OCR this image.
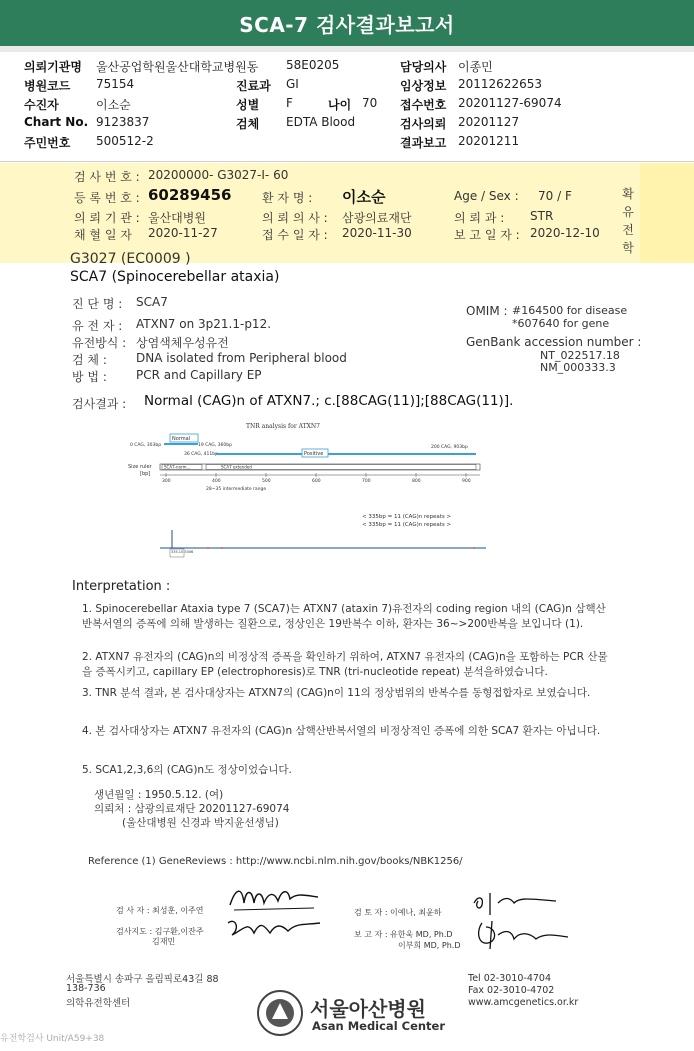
SCA-7 검사결과보고서
의뢰기관명 울산공업학원울산대학교병원동 58E0205	담당의사 이종민
병원코드 75154	진료과 GI	임상정보 20112622653
수진자	이소순	성별 F	나이 70 접수번호 20201127-69074
Chart No. 9123837	검체 EDTA Blood	검사의뢰 20201127
주민번호 500512-2	결과보고 20201211
확유전학
검 사 번 호 : 20200000- G3027-I- 60
등 록 번 호 : 60289456	환 자 명 : 이소순	Age / Sex : 70 / F
의 뢰 기 관 : 울산대병원	의 뢰 의 사 : 삼광의료재단	의 뢰 과 : STR
채 혈 일 자 2020-11-27	접 수 일 자 : 2020-11-30	보 고 일 자 : 2020-12-10
G3027 (EC0009 )
SCA7 (Spinocerebellar ataxia)
진 단 명 : SCA7
유 전 자 : ATXN7 on 3p21.1-p12.
유전방식 : 상염색체우성유전
검 체 : DNA isolated from Peripheral blood
방 법 : PCR and Capillary EP
OMIM : #164500 for disease
*607640 for gene
GenBank accession number :
NT_022517.18
NM_000333.3
검사결과 : Normal (CAG)n of ATXN7.; c.[88CAG(11)];[88CAG(11)].
TNR analysis for ATXN7
Normal
0 CAG, 303bp	19 CAG, 360bp
36 CAG, 411bp	Positive
200 CAG, 903bp
Size ruler
[bp]
SCA7-norm...	SCA7 extended
300	400	500	600	700	800	900
28~35 intermediate range
< 335bp = 11 (CAG)n repeats >
< 335bp = 11 (CAG)n repeats >
335.10 3306
Interpretation :
1. Spinocerebellar Ataxia type 7 (SCA7)는 ATXN7 (ataxin 7)유전자의 coding region 내의 (CAG)n 삼핵산 반복서열의 증폭에 의해 발생하는 질환으로, 정상인은 19반복수 이하, 환자는 36~>200반복을 보입니다 (1).
2. ATXN7 유전자의 (CAG)n의 비정상적 증폭을 확인하기 위하여, ATXN7 유전자의 (CAG)n을 포함하는 PCR 산물을 증폭시키고, capillary EP (electrophoresis)로 TNR (tri-nucleotide repeat) 분석을하였습니다.
3. TNR 분석 결과, 본 검사대상자는 ATXN7의 (CAG)n이 11의 정상범위의 반복수를 동형접합자로 보였습니다.
4. 본 검사대상자는 ATXN7 유전자의 (CAG)n 삼핵산반복서열의 비정상적인 증폭에 의한 SCA7 환자는 아닙니다.
5. SCA1,2,3,6의 (CAG)n도 정상이었습니다.
생년월일 : 1950.5.12. (여)
의뢰처 : 삼광의료재단 20201127-69074
(울산대병원 신경과 박지윤선생님)
Reference (1) GeneReviews : http://www.ncbi.nlm.nih.gov/books/NBK1256/
검 사 자 : 최성훈, 이주연
검사지도 : 김구환,이잔주
김재민
검 토 자 : 이예나, 최윤하
보 고 자 : 유한욱 MD, Ph.D
이부희 MD, Ph.D
서울특별시 송파구 올림픽로43길 88
138-736
의학유전학센터	서울아산병원
Asan Medical Center
Tel 02-3010-4704
Fax 02-3010-4702
www.amcgenetics.or.kr
유전학검사 Unit/A59+38
